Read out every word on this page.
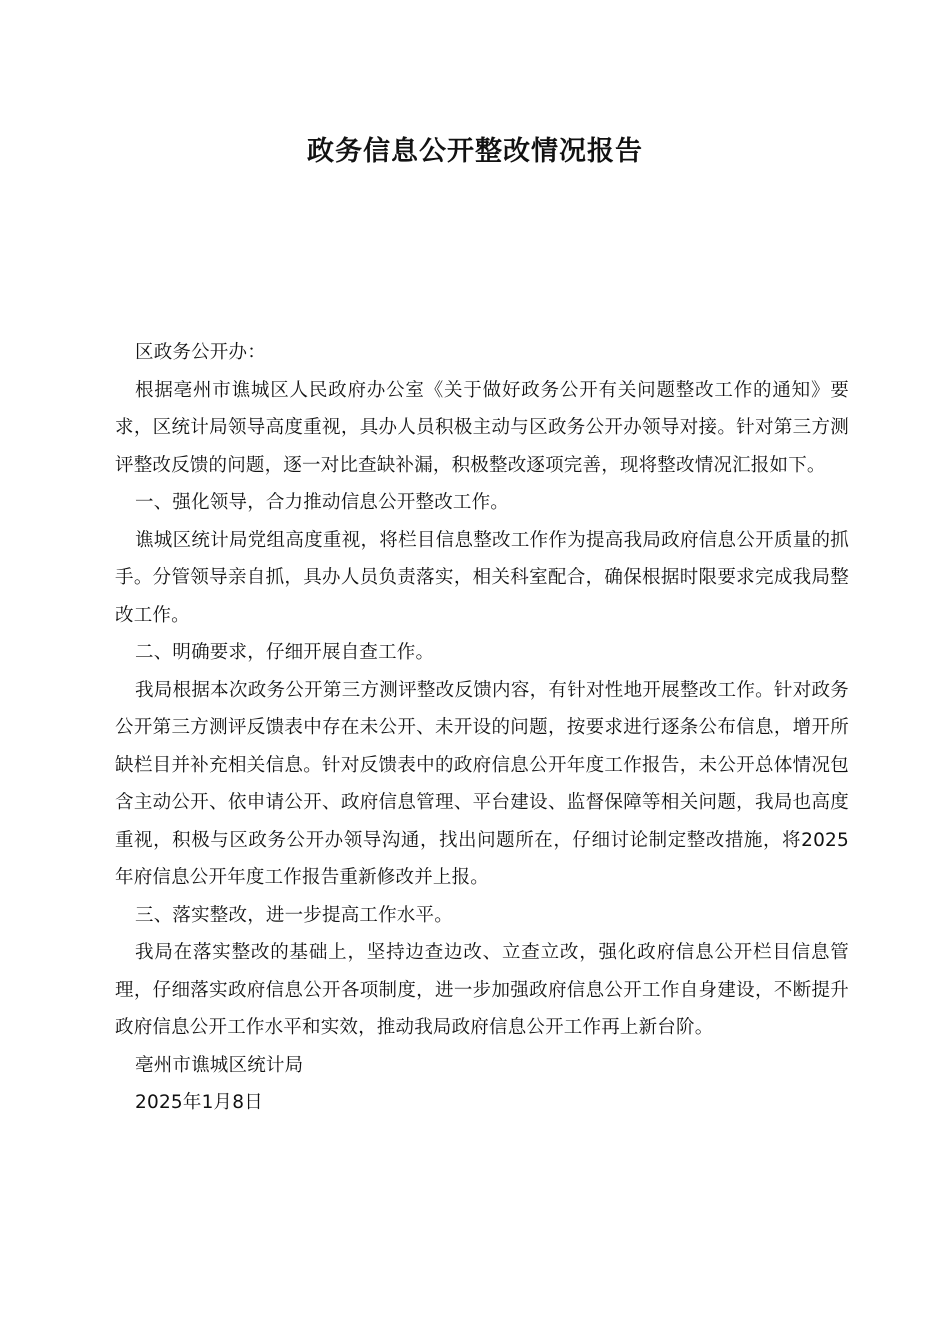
政务信息公开整改情况报告

区政务公开办：

根据亳州市谯城区人民政府办公室《关于做好政务公开有关问题整改工作的通知》要求，区统计局领导高度重视，具办人员积极主动与区政务公开办领导对接。针对第三方测评整改反馈的问题，逐一对比查缺补漏，积极整改逐项完善，现将整改情况汇报如下。

一、强化领导，合力推动信息公开整改工作。

谯城区统计局党组高度重视，将栏目信息整改工作作为提高我局政府信息公开质量的抓手。分管领导亲自抓，具办人员负责落实，相关科室配合，确保根据时限要求完成我局整改工作。

二、明确要求，仔细开展自查工作。

我局根据本次政务公开第三方测评整改反馈内容，有针对性地开展整改工作。针对政务公开第三方测评反馈表中存在未公开、未开设的问题，按要求进行逐条公布信息，增开所缺栏目并补充相关信息。针对反馈表中的政府信息公开年度工作报告，未公开总体情况包含主动公开、依申请公开、政府信息管理、平台建设、监督保障等相关问题，我局也高度重视，积极与区政务公开办领导沟通，找出问题所在，仔细讨论制定整改措施，将2025年府信息公开年度工作报告重新修改并上报。

三、落实整改，进一步提高工作水平。

我局在落实整改的基础上，坚持边查边改、立查立改，强化政府信息公开栏目信息管理，仔细落实政府信息公开各项制度，进一步加强政府信息公开工作自身建设，不断提升政府信息公开工作水平和实效，推动我局政府信息公开工作再上新台阶。

亳州市谯城区统计局

2025年1月8日
